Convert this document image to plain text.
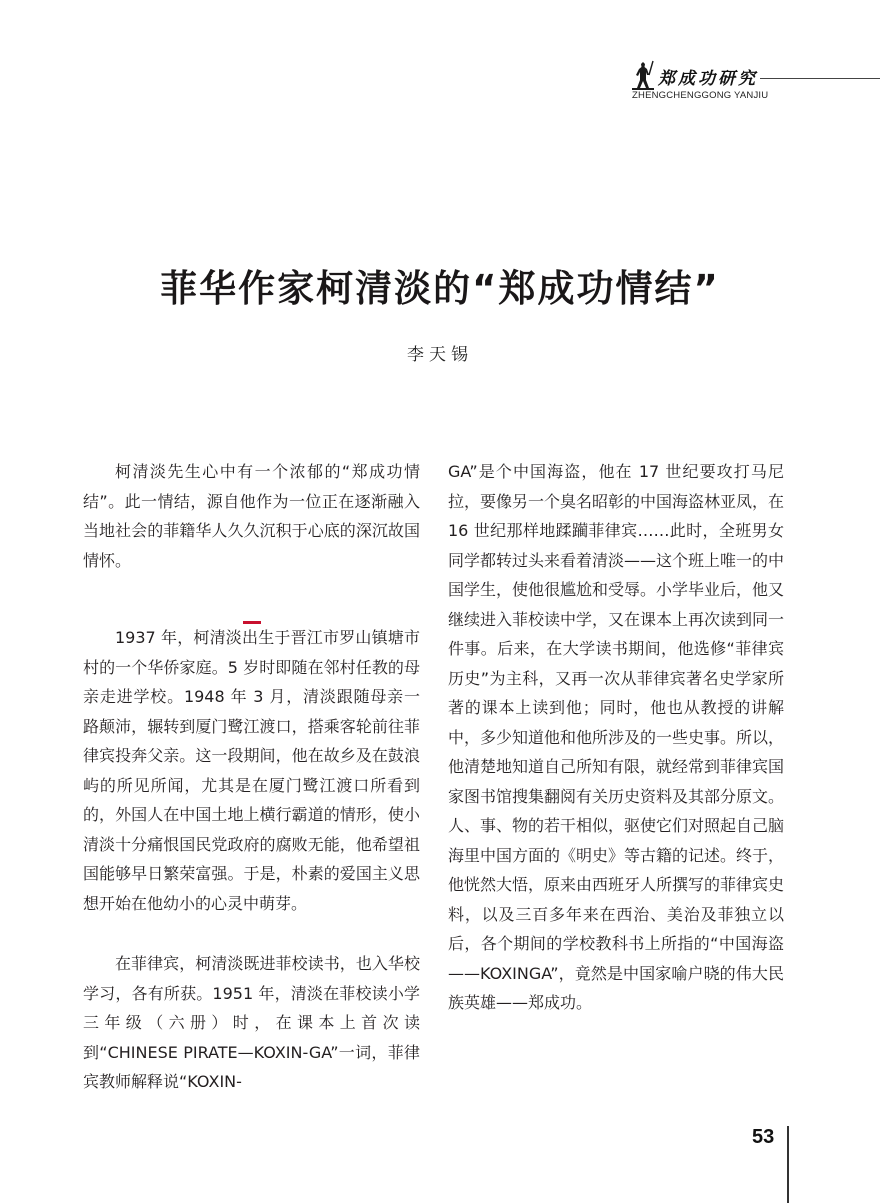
郑成功研究
ZHENGCHENGGONG YANJIU
菲华作家柯清淡的“郑成功情结”
李天锡

柯清淡先生心中有一个浓郁的“郑成功情结”。此一情结，源自他作为一位正在逐渐融入当地社会的菲籍华人久久沉积于心底的深沉故国情怀。

1937 年，柯清淡出生于晋江市罗山镇塘市村的一个华侨家庭。5 岁时即随在邻村任教的母亲走进学校。1948 年 3 月，清淡跟随母亲一路颠沛，辗转到厦门鹭江渡口，搭乘客轮前往菲律宾投奔父亲。这一段期间，他在故乡及在鼓浪屿的所见所闻，尤其是在厦门鹭江渡口所看到的，外国人在中国土地上横行霸道的情形，使小清淡十分痛恨国民党政府的腐败无能，他希望祖国能够早日繁荣富强。于是，朴素的爱国主义思想开始在他幼小的心灵中萌芽。

在菲律宾，柯清淡既进菲校读书，也入华校学习，各有所获。1951 年，清淡在菲校读小学三年级（六册）时，在课本上首次读到“CHINESE PIRATE—KOXIN-GA”一词，菲律宾教师解释说“KOXIN-

GA”是个中国海盗，他在 17 世纪要攻打马尼拉，要像另一个臭名昭彰的中国海盗林亚凤，在 16 世纪那样地蹂躏菲律宾……此时，全班男女同学都转过头来看着清淡——这个班上唯一的中国学生，使他很尴尬和受辱。小学毕业后，他又继续进入菲校读中学，又在课本上再次读到同一件事。后来，在大学读书期间，他选修“菲律宾历史”为主科，又再一次从菲律宾著名史学家所著的课本上读到他；同时，他也从教授的讲解中，多少知道他和他所涉及的一些史事。所以，他清楚地知道自己所知有限，就经常到菲律宾国家图书馆搜集翻阅有关历史资料及其部分原文。人、事、物的若干相似，驱使它们对照起自己脑海里中国方面的《明史》等古籍的记述。终于，他恍然大悟，原来由西班牙人所撰写的菲律宾史料，以及三百多年来在西治、美治及菲独立以后，各个期间的学校教科书上所指的“中国海盗——KOXINGA”，竟然是中国家喻户晓的伟大民族英雄——郑成功。

53
